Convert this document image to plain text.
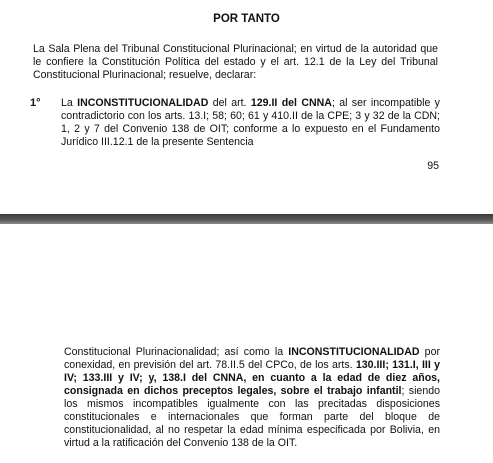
POR TANTO
La Sala Plena del Tribunal Constitucional Plurinacional; en virtud de la autoridad que le confiere la Constitución Política del estado y el art. 12.1 de la Ley del Tribunal Constitucional Plurinacional; resuelve, declarar:
1° La INCONSTITUCIONALIDAD del art. 129.II del CNNA; al ser incompatible y contradictorio con los arts. 13.I; 58; 60; 61 y 410.II de la CPE; 3 y 32 de la CDN; 1, 2 y 7 del Convenio 138 de OIT; conforme a lo expuesto en el Fundamento Jurídico III.12.1 de la presente Sentencia
95
Constitucional Plurinacionalidad; así como la INCONSTITUCIONALIDAD por conexidad, en previsión del art. 78.II.5 del CPCo, de los arts. 130.III; 131.I, III y IV; 133.III y IV; y, 138.I del CNNA, en cuanto a la edad de diez años, consignada en dichos preceptos legales, sobre el trabajo infantil; siendo los mismos incompatibles igualmente con las precitadas disposiciones constitucionales e internacionales que forman parte del bloque de constitucionalidad, al no respetar la edad mínima especificada por Bolivia, en virtud a la ratificación del Convenio 138 de la OIT.
